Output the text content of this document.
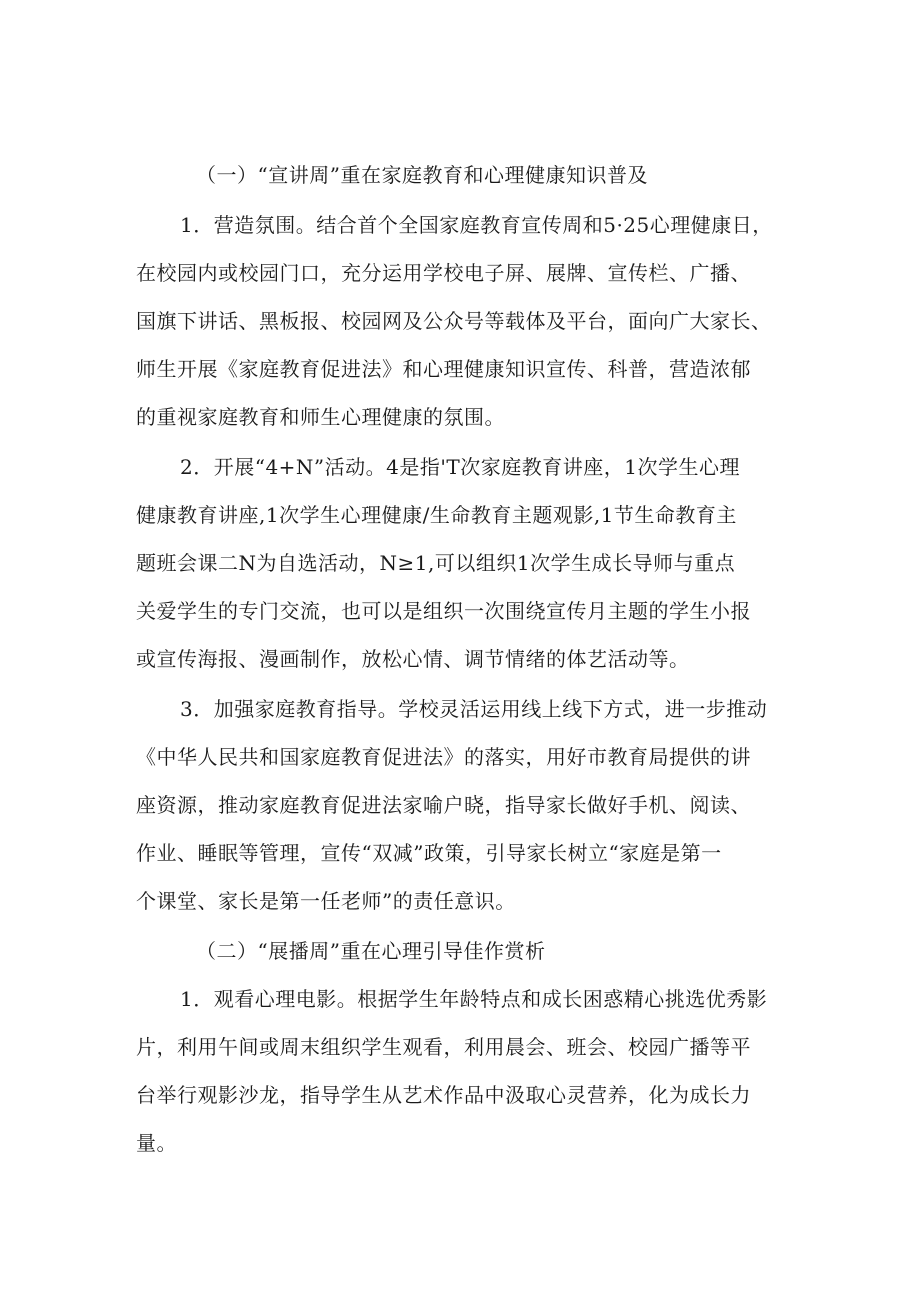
（一）“宣讲周”重在家庭教育和心理健康知识普及
1．营造氛围。结合首个全国家庭教育宣传周和5·25心理健康日，
在校园内或校园门口，充分运用学校电子屏、展牌、宣传栏、广播、
国旗下讲话、黑板报、校园网及公众号等载体及平台，面向广大家长、
师生开展《家庭教育促进法》和心理健康知识宣传、科普，营造浓郁
的重视家庭教育和师生心理健康的氛围。
2．开展“4+N”活动。4是指'T次家庭教育讲座，1次学生心理
健康教育讲座,1次学生心理健康/生命教育主题观影,1节生命教育主
题班会课二N为自选活动，N≥1,可以组织1次学生成长导师与重点
关爱学生的专门交流，也可以是组织一次围绕宣传月主题的学生小报
或宣传海报、漫画制作，放松心情、调节情绪的体艺活动等。
3．加强家庭教育指导。学校灵活运用线上线下方式，进一步推动
《中华人民共和国家庭教育促进法》的落实，用好市教育局提供的讲
座资源，推动家庭教育促进法家喻户晓，指导家长做好手机、阅读、
作业、睡眠等管理，宣传“双减”政策，引导家长树立“家庭是第一
个课堂、家长是第一任老师”的责任意识。
（二）“展播周”重在心理引导佳作赏析
1．观看心理电影。根据学生年龄特点和成长困惑精心挑选优秀影
片，利用午间或周末组织学生观看，利用晨会、班会、校园广播等平
台举行观影沙龙，指导学生从艺术作品中汲取心灵营养，化为成长力
量。
